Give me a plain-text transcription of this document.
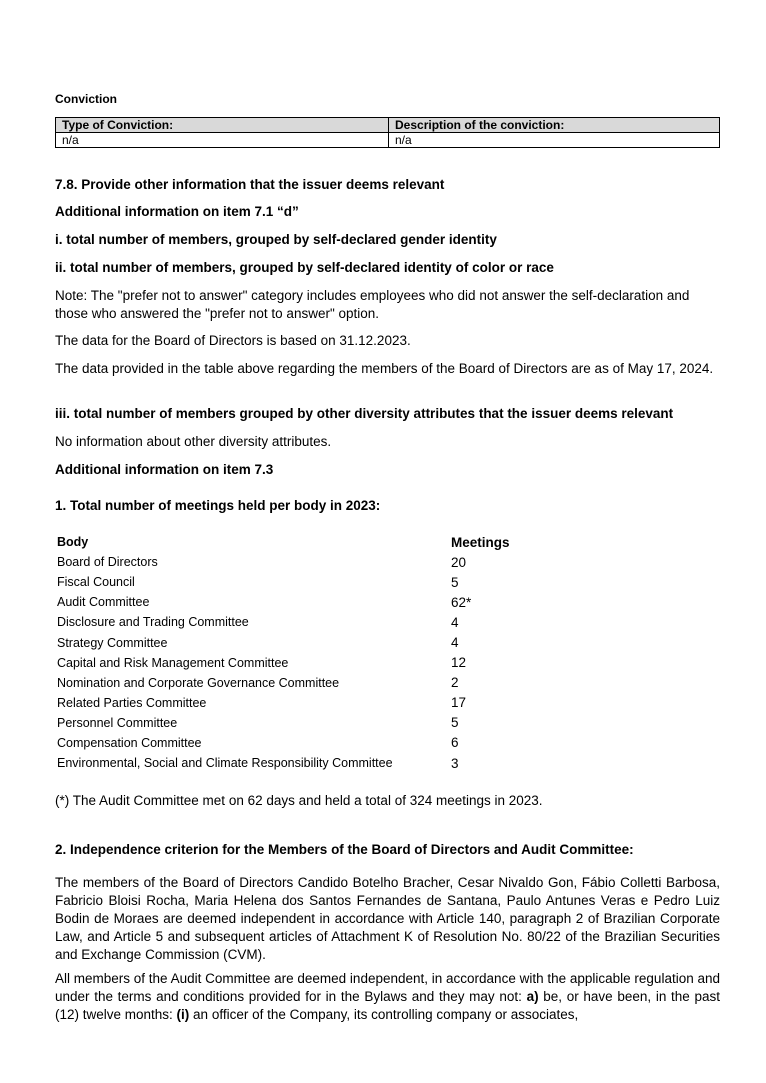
Conviction
Type of Conviction:	Description of the conviction:
n/a	n/a
7.8. Provide other information that the issuer deems relevant
Additional information on item 7.1 “d”
i. total number of members, grouped by self-declared gender identity
ii. total number of members, grouped by self-declared identity of color or race
Note: The "prefer not to answer" category includes employees who did not answer the self-declaration and those who answered the "prefer not to answer" option.
The data for the Board of Directors is based on 31.12.2023.
The data provided in the table above regarding the members of the Board of Directors are as of May 17, 2024.
iii. total number of members grouped by other diversity attributes that the issuer deems relevant
No information about other diversity attributes.
Additional information on item 7.3
1. Total number of meetings held per body in 2023:
Body	Meetings
Board of Directors	20
Fiscal Council	5
Audit Committee	62*
Disclosure and Trading Committee	4
Strategy Committee	4
Capital and Risk Management Committee	12
Nomination and Corporate Governance Committee	2
Related Parties Committee	17
Personnel Committee	5
Compensation Committee	6
Environmental, Social and Climate Responsibility Committee	3
(*) The Audit Committee met on 62 days and held a total of 324 meetings in 2023.
2. Independence criterion for the Members of the Board of Directors and Audit Committee:
The members of the Board of Directors Candido Botelho Bracher, Cesar Nivaldo Gon, Fábio Colletti Barbosa, Fabricio Bloisi Rocha, Maria Helena dos Santos Fernandes de Santana, Paulo Antunes Veras e Pedro Luiz Bodin de Moraes are deemed independent in accordance with Article 140, paragraph 2 of Brazilian Corporate Law, and Article 5 and subsequent articles of Attachment K of Resolution No. 80/22 of the Brazilian Securities and Exchange Commission (CVM).
All members of the Audit Committee are deemed independent, in accordance with the applicable regulation and under the terms and conditions provided for in the Bylaws and they may not: a) be, or have been, in the past (12) twelve months: (i) an officer of the Company, its controlling company or associates,
